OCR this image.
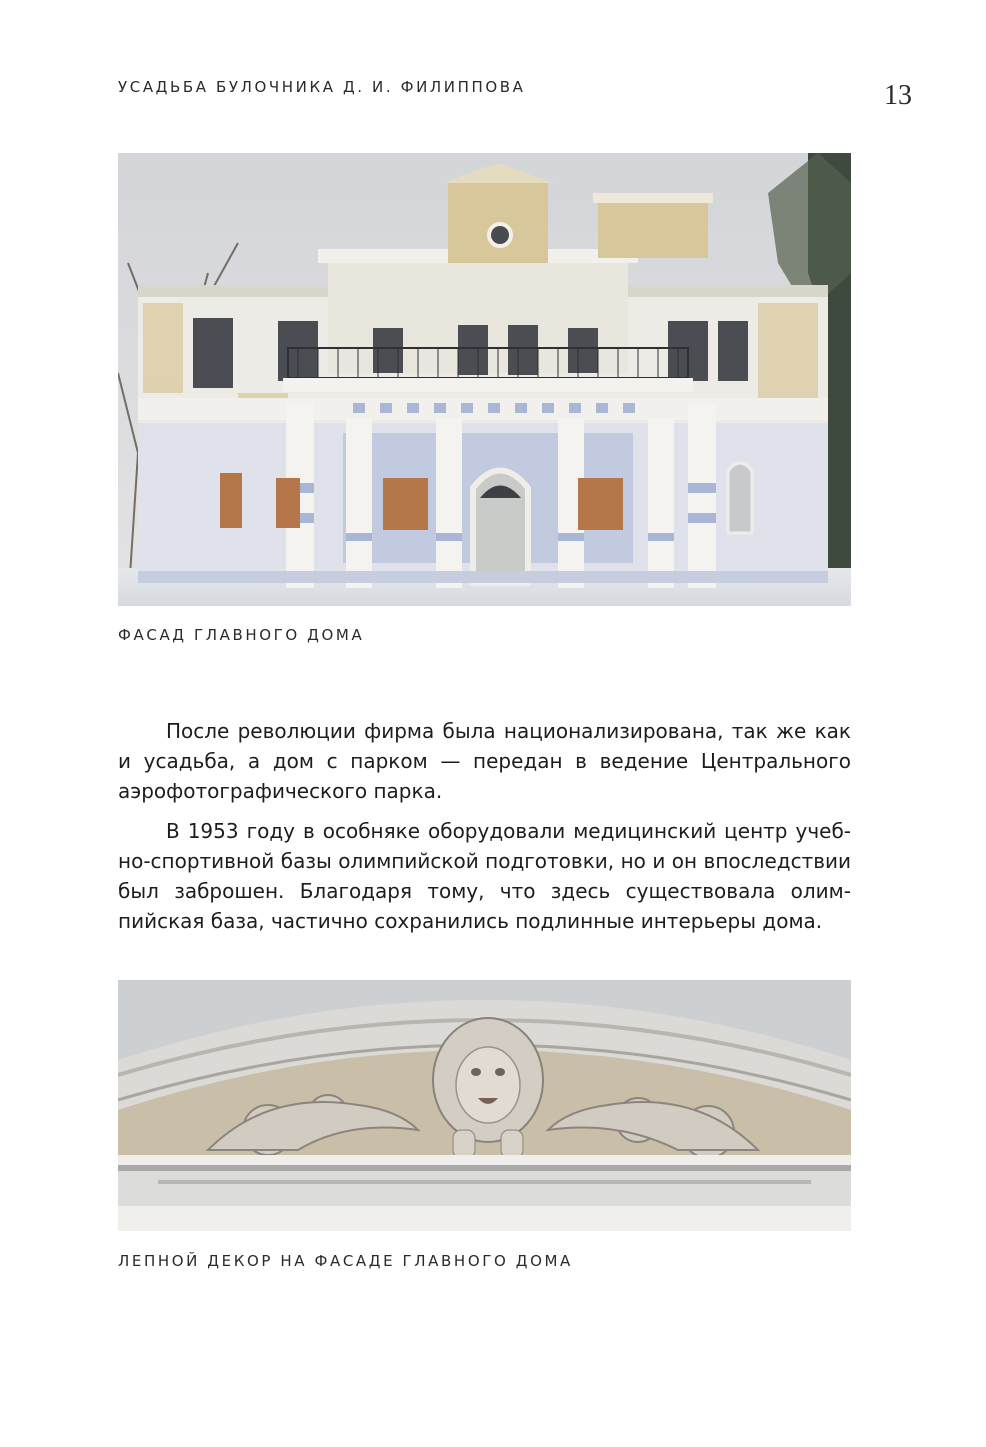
УСАДЬБА БУЛОЧНИКА Д. И. ФИЛИППОВА	13
ФАСАД ГЛАВНОГО ДОМА

После революции фирма была национализирована, так же как и усадьба, а дом с парком — передан в ведение Центрального аэрофотографического парка.

В 1953 году в особняке оборудовали медицинский центр учебно-спортивной базы олимпийской подготовки, но и он впоследствии был заброшен. Благодаря тому, что здесь существовала олимпийская база, частично сохранились подлинные интерьеры дома.

ЛЕПНОЙ ДЕКОР НА ФАСАДЕ ГЛАВНОГО ДОМА
